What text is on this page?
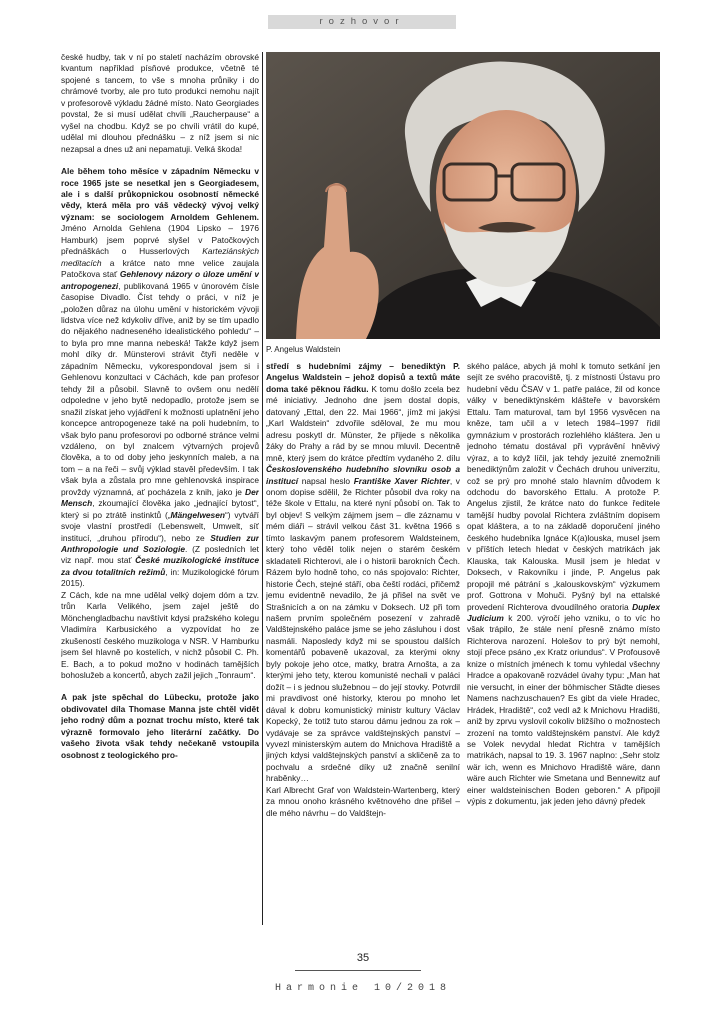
rozhovor

české hudby, tak v ní po staletí nacházím obrovské kvantum například písňové produkce, včetně té spojené s tancem, to vše s mnoha průniky i do chrámové tvorby, ale pro tuto produkci nemohu najít v profesorově výkladu žádné místo. Nato Georgiades povstal, že si musí udělat chvíli „Raucherpause“ a vyšel na chodbu. Když se po chvíli vrátil do kupé, udělal mi dlouhou přednášku – z níž jsem si nic nezapsal a dnes už ani nepamatuji. Velká škoda!

Ale během toho měsíce v západním Německu v roce 1965 jste se nesetkal jen s Georgiadesem, ale i s další průkopnickou osobností německé vědy, která měla pro váš vědecký vývoj velký význam: se sociologem Arnoldem Gehlenem. Jméno Arnolda Gehlena (1904 Lipsko – 1976 Hamburk) jsem poprvé slyšel v Patočkových přednáškách o Husserlových Karteziánských meditacích a krátce nato mne velice zaujala Patočkova stať Gehlenovy názory o úloze umění v antropogenezi, publikovaná 1965 v únorovém čísle časopise Divadlo. Číst tehdy o práci, v níž je „položen důraz na úlohu umění v historickém vývoji lidstva více než kdykoliv dříve, aniž by se tím upadlo do nějakého nadneseného idealistického pohledu“ – to byla pro mne manna nebeská! Takže když jsem mohl díky dr. Münsterovi strávit čtyři neděle v západním Německu, vykorespondoval jsem si i Gehlenovu konzultaci v Cáchách, kde pan profesor tehdy žil a působil. Slavně to ovšem onu nedělí odpoledne v jeho bytě nedopadlo, protože jsem se snažil získat jeho vyjádření k možnosti uplatnění jeho koncepce antropogeneze také na poli hudebním, to však bylo panu profesorovi po odborné stránce velmi vzdáleno, on byl znalcem výtvarných projevů člověka, a to od doby jeho jeskynních maleb, a na tom – a na řeči – svůj výklad stavěl především. I tak však byla a zůstala pro mne gehlenovská inspirace provždy významná, ať pocházela z knih, jako je Der Mensch, zkoumající člověka jako „jednající bytost“, který si po ztrátě instinktů („Mängelwesen“) vytváří svoje vlastní prostředí (Lebenswelt, Umwelt, síť institucí, „druhou přírodu“), nebo ze Studien zur Anthropologie und Soziologie. (Z posledních let viz např. mou stať České muzikologické instituce za dvou totalitních režimů, in: Muzikologické fórum 2015).

Z Cách, kde na mne udělal velký dojem dóm a tzv. trůn Karla Velikého, jsem zajel ještě do Mönchengladbachu navštívit kdysi pražského kolegu Vladimíra Karbusického a vyzpovídat ho ze zkušeností českého muzikologa v NSR. V Hamburku jsem šel hlavně po kostelích, v nichž působil C. Ph. E. Bach, a to pokud možno v hodinách tamějších bohoslužeb a koncertů, abych zažil jejich „Tonraum“.

A pak jste spěchal do Lübecku, protože jako obdivovatel díla Thomase Manna jste chtěl vidět jeho rodný dům a poznat trochu místo, které tak výrazně formovalo jeho literární začátky. Do vašeho života však tehdy nečekaně vstoupila osobnost z teologického pro-

P. Angelus Waldstein

středí s hudebními zájmy – benediktýn P. Angelus Waldstein – jehož dopisů a textů máte doma také pěknou řádku. K tomu došlo zcela bez mé iniciativy. Jednoho dne jsem dostal dopis, datovaný „Ettal, den 22. Mai 1966“, jímž mi jakýsi „Karl Waldstein“ zdvořile sděloval, že mu mou adresu poskytl dr. Münster, že přijede s několika žáky do Prahy a rád by se mnou mluvil. Decentně mně, který jsem do krátce předtím vydaného 2. dílu Československého hudebního slovníku osob a institucí napsal heslo Františke Xaver Richter, v onom dopise sdělil, že Richter působil dva roky na téže škole v Ettalu, na které nyní působí on. Tak to byl objev! S velkým zájmem jsem – dle záznamu v mém diáři – strávil velkou část 31. května 1966 s tímto laskavým panem profesorem Waldsteinem, který toho věděl tolik nejen o starém českém skladateli Richterovi, ale i o historii barokních Čech. Rázem bylo hodně toho, co nás spojovalo: Richter, historie Čech, stejné stáří, oba čeští rodáci, přičemž jemu evidentně nevadilo, že já přišel na svět ve Strašnicích a on na zámku v Doksech. Už při tom našem prvním společném posezení v zahradě Valdštejnského paláce jsme se jeho zásluhou i dost nasmáli. Naposledy když mi se spoustou dalších komentářů pobaveně ukazoval, za kterými okny byly pokoje jeho otce, matky, bratra Arnošta, a za kterými jeho tety, kterou komunisté nechali v paláci dožít – i s jednou služebnou – do její stovky. Potvrdil mi pravdivost oné historky, kterou po mnoho let dával k dobru komunistický ministr kultury Václav Kopecký, že totiž tuto starou dámu jednou za rok – vydávaje se za správce valdštejnských panství – vyvezl ministerským autem do Mnichova Hradiště a jiných kdysi valdštejnských panství a skličeně za to pochvalu a srdečné díky už značně senilní hraběnky…

Karl Albrecht Graf von Waldstein-Wartenberg, který za mnou onoho krásného květnového dne přišel – dle mého návrhu – do Valdštejn-

ského paláce, abych já mohl k tomuto setkání jen sejít ze svého pracoviště, tj. z místnosti Ústavu pro hudební vědu ČSAV v 1. patře paláce, žil od konce války v benediktýnském klášteře v bavorském Ettalu. Tam maturoval, tam byl 1956 vysvěcen na kněze, tam učil a v letech 1984–1997 řídil gymnázium v prostorách rozlehlého kláštera. Jen u jednoho tématu dostával při vyprávění hněvivý výraz, a to když líčil, jak tehdy jezuité znemožnili benediktýnům založit v Čechách druhou univerzitu, což se prý pro mnohé stalo hlavním důvodem k odchodu do bavorského Ettalu. A protože P. Angelus zjistil, že krátce nato do funkce ředitele tamější hudby povolal Richtera zvláštním dopisem opat kláštera, a to na základě doporučení jiného českého hudebníka Ignáce K(a)louska, musel jsem v příštích letech hledat v českých matrikách jak Klauska, tak Kalouska. Musil jsem je hledat v Doksech, v Rakovníku i jinde, P. Angelus pak propojil mé pátrání s „kalouskovským“ výzkumem prof. Gottrona v Mohuči. Pyšný byl na ettalské provedení Richterova dvoudílného oratoria Duplex Judicium k 200. výročí jeho vzniku, o to víc ho však trápilo, že stále není přesně známo místo Richterova narození. Holešov to prý být nemohl, stojí přece psáno „ex Kratz oriundus“. V Profousově knize o místních jménech k tomu vyhledal všechny Hradce a opakovaně rozvádel úvahy typu: „Man hat nie versucht, in einer der böhmischer Städte dieses Namens nachzuschauen? Es gibt da viele Hradec, Hrádek, Hradiště“, což vedl až k Mnichovu Hradišti, aniž by zprvu vyslovil cokoliv bližšího o možnostech zrození na tomto valdštejnském panství. Ale když se Volek nevydal hledat Richtra v tamějších matrikách, napsal to 19. 3. 1967 naplno: „Sehr stolz wär ich, wenn es Mnichovo Hradiště wäre, dann wäre auch Richter wie Smetana und Bennewitz auf einer waldsteinischen Boden geboren.“ A připojil výpis z dokumentu, jak jeden jeho dávný předek

35
Harmonie 10/2018
